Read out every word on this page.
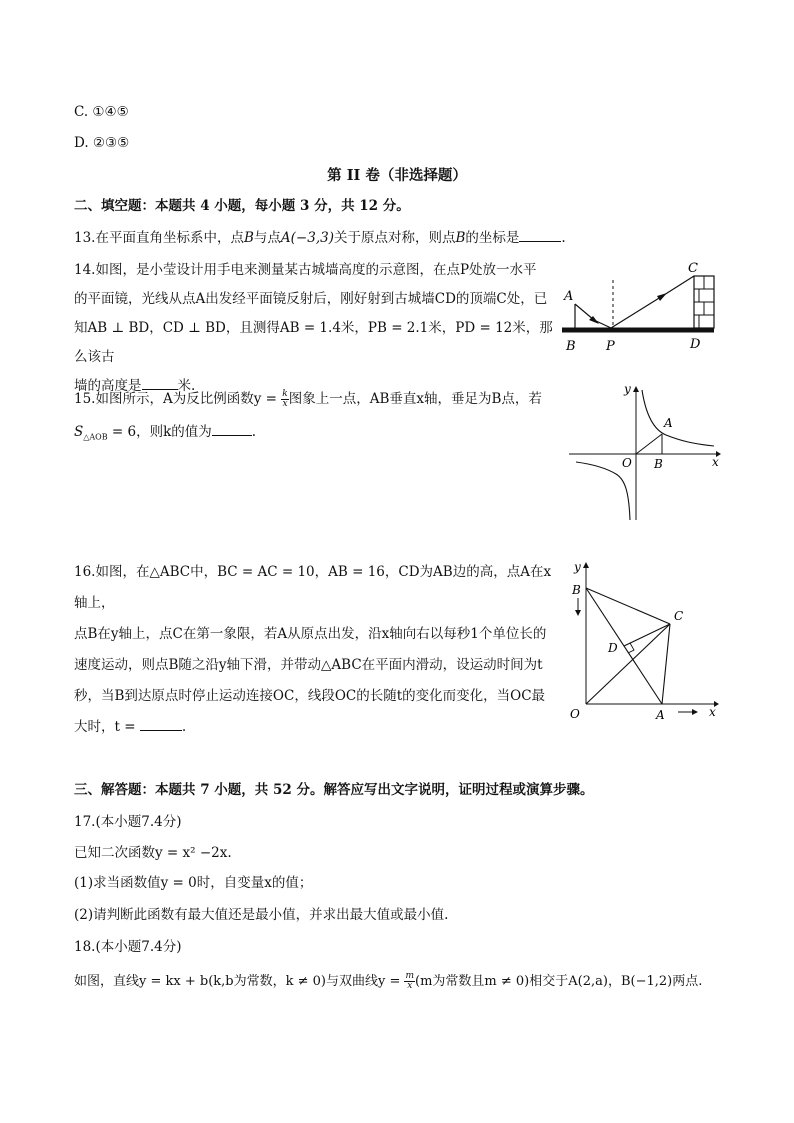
C. ①④⑤
D. ②③⑤
第 II 卷（非选择题）
二、填空题：本题共 4 小题，每小题 3 分，共 12 分。
13.在平面直角坐标系中，点B与点A(−3,3)关于原点对称，则点B的坐标是	.
14.如图，是小莹设计用手电来测量某古城墙高度的示意图，在点P处放一水平
的平面镜，光线从点A出发经平面镜反射后，刚好射到古城墙CD的顶端C处，已
知AB ⊥ BD，CD ⊥ BD，且测得AB = 1.4米，PB = 2.1米，PD = 12米，那么该古
墙的高度是	米.
A
B P
C
D
15.如图所示，A为反比例函数$y = \frac{k}{x}$ 图象上一点，AB垂直x轴，垂足为B点，若
$S_{\triangle AOB} = 6$，则k的值为	.
y
x
O
A
B
16.如图，在△ABC中，BC = AC = 10，AB = 16，CD为AB边的高，点A在x轴上，
点B在y轴上，点C在第一象限，若A从原点出发，沿x轴向右以每秒1个单位长的
速度运动，则点B随之沿y轴下滑，并带动△ABC在平面内滑动，设运动时间为t
秒，当B到达原点时停止运动连接OC，线段OC的长随t的变化而变化，当OC最
大时，t =	.
y
x
O
B
C
D
A
三、解答题：本题共 7 小题，共 52 分。解答应写出文字说明，证明过程或演算步骤。
17.(本小题7.4分)
已知二次函数y = x² −2x.
(1)求当函数值y = 0时，自变量x的值；
(2)请判断此函数有最大值还是最小值，并求出最大值或最小值.
18.(本小题7.4分)
如图，直线y = kx + b(k,b为常数，k ≠ 0)与双曲线$y = \frac{m}{x} (m$为常数且m ≠ 0)相交于A(2,a)，B(−1,2)两点.
